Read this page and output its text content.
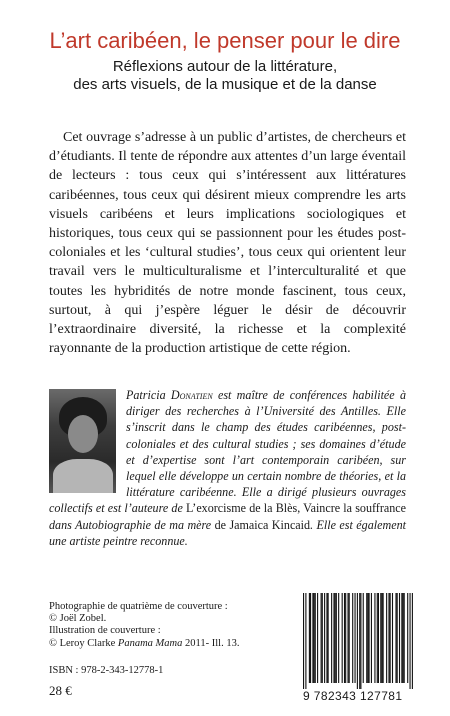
L’art caribéen, le penser pour le dire
Réflexions autour de la littérature,
des arts visuels, de la musique et de la danse

Cet ouvrage s’adresse à un public d’artistes, de chercheurs et d’étudiants. Il tente de répondre aux attentes d’un large éventail de lecteurs : tous ceux qui s’intéressent aux littératures caribéennes, tous ceux qui désirent mieux comprendre les arts visuels caribéens et leurs implications sociologiques et historiques, tous ceux qui se passionnent pour les études post-coloniales et les ‘cultural studies’, tous ceux qui orientent leur travail vers le multiculturalisme et l’interculturalité et que toutes les hybridités de notre monde fascinent, tous ceux, surtout, à qui j’espère léguer le désir de découvrir l’extraordinaire diversité, la richesse et la complexité rayonnante de la production artistique de cette région.

Patricia Donatien est maître de conférences habilitée à diriger des recherches à l’Université des Antilles. Elle s’inscrit dans le champ des études caribéennes, post-coloniales et des cultural studies ; ses domaines d’étude et d’expertise sont l’art contemporain caribéen, sur lequel elle développe un certain nombre de théories, et la littérature caribéenne. Elle a dirigé plusieurs ouvrages collectifs et est l’auteure de L’exorcisme de la Blès, Vaincre la souffrance dans Autobiographie de ma mère de Jamaica Kincaid. Elle est également une artiste peintre reconnue.

Photographie de quatrième de couverture :
© Joël Zobel.
Illustration de couverture :
© Leroy Clarke Panama Mama 2011- Ill. 13.
ISBN : 978-2-343-12778-1
28 €	9 782343 127781
